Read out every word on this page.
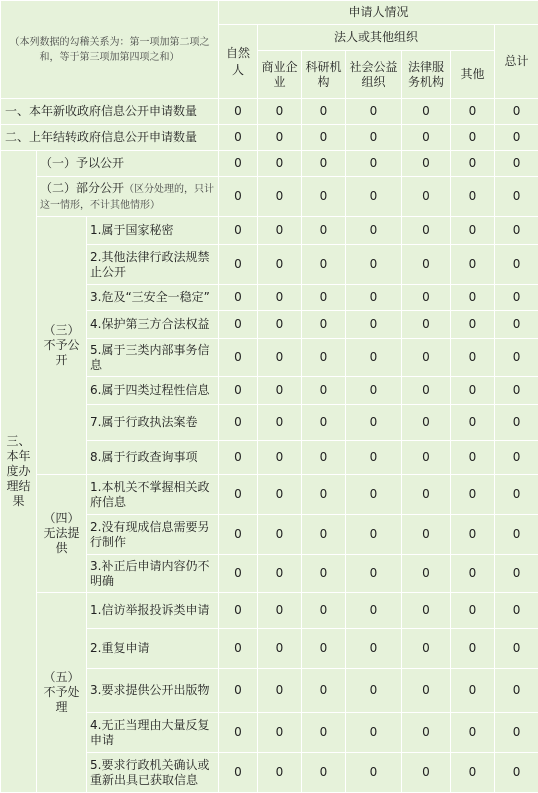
（本列数据的勾稽关系为：第一项加第二项之和，等于第三项加第四项之和）			申请人情况						
			自然人	法人或其他组织					总计
				商业企业	科研机构	社会公益组织	法律服务机构	其他	
一、本年新收政府信息公开申请数量			0	0	0	0	0	0	0
二、上年结转政府信息公开申请数量			0	0	0	0	0	0	0
三、本年度办理结果	（一）予以公开		0	0	0	0	0	0	0
	（二）部分公开（区分处理的，只计这一情形，不计其他情形）		0	0	0	0	0	0	0
	（三）不予公开	1.属于国家秘密	0	0	0	0	0	0	0
		2.其他法律行政法规禁止公开	0	0	0	0	0	0	0
		3.危及“三安全一稳定”	0	0	0	0	0	0	0
		4.保护第三方合法权益	0	0	0	0	0	0	0
		5.属于三类内部事务信息	0	0	0	0	0	0	0
		6.属于四类过程性信息	0	0	0	0	0	0	0
		7.属于行政执法案卷	0	0	0	0	0	0	0
		8.属于行政查询事项	0	0	0	0	0	0	0
	（四）无法提供	1.本机关不掌握相关政府信息	0	0	0	0	0	0	0
		2.没有现成信息需要另行制作	0	0	0	0	0	0	0
		3.补正后申请内容仍不明确	0	0	0	0	0	0	0
	（五）不予处理	1.信访举报投诉类申请	0	0	0	0	0	0	0
		2.重复申请	0	0	0	0	0	0	0
		3.要求提供公开出版物	0	0	0	0	0	0	0
		4.无正当理由大量反复申请	0	0	0	0	0	0	0
		5.要求行政机关确认或重新出具已获取信息	0	0	0	0	0	0	0
